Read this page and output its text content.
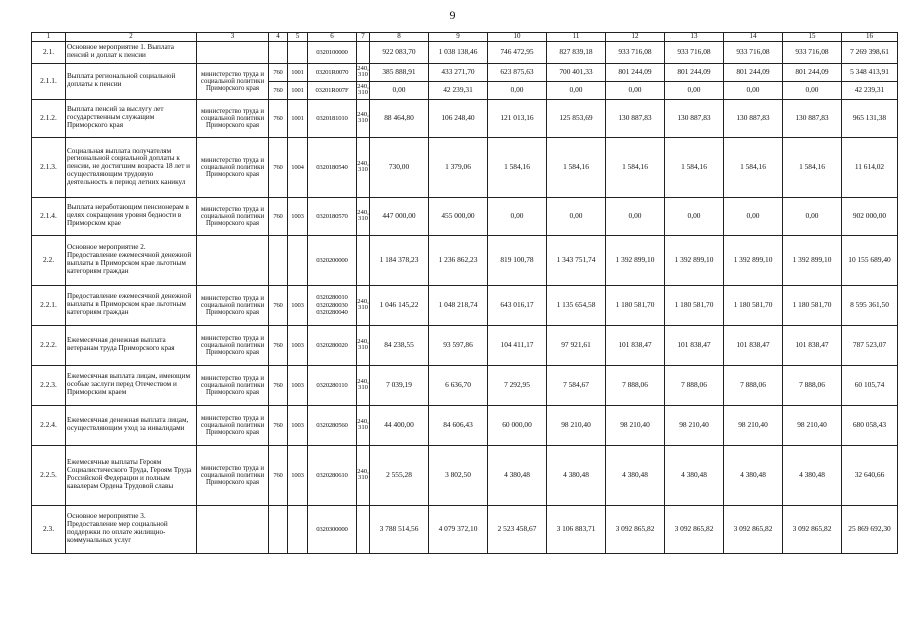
9
1	2	3	4	5	6	7	8	9	10	11	12	13	14	15	16
2.1.	Основное мероприятие 1. Выплата пенсий и доплат к пенсии				0320100000		922 083,70	1 038 138,46	746 472,95	827 839,18	933 716,08	933 716,08	933 716,08	933 716,08	7 269 398,61
2.1.1.	Выплата региональной социальной доплаты к пенсии	министерство труда и социальной политики Приморского края	760	1001	03201R0070	240, 310	385 888,91	433 271,70	623 875,63	700 401,33	801 244,09	801 244,09	801 244,09	801 244,09	5 348 413,91
			760	1001	03201R007F	240, 310	0,00	42 239,31	0,00	0,00	0,00	0,00	0,00	0,00	42 239,31
2.1.2.	Выплата пенсий за выслугу лет государственным служащим Приморского края	министерство труда и социальной политики Приморского края	760	1001	0320181010	240, 310	88 464,80	106 248,40	121 013,16	125 853,69	130 887,83	130 887,83	130 887,83	130 887,83	965 131,38
2.1.3.	Социальная выплата получателям региональной социальной доплаты к пенсии, не достигшим возраста 18 лет и осуществляющим трудовую деятельность в период летних каникул	министерство труда и социальной политики Приморского края	760	1004	0320180540	240, 310	730,00	1 379,06	1 584,16	1 584,16	1 584,16	1 584,16	1 584,16	1 584,16	11 614,02
2.1.4.	Выплата неработающим пенсионерам в целях сокращения уровня бедности в Приморском крае	министерство труда и социальной политики Приморского края	760	1003	0320180570	240, 310	447 000,00	455 000,00	0,00	0,00	0,00	0,00	0,00	0,00	902 000,00
2.2.	Основное мероприятие 2. Предоставление ежемесячной денежной выплаты в Приморском крае льготным категориям граждан				0320200000		1 184 378,23	1 236 862,23	819 100,78	1 343 751,74	1 392 899,10	1 392 899,10	1 392 899,10	1 392 899,10	10 155 689,40
2.2.1.	Предоставление ежемесячной денежной выплаты в Приморском крае льготным категориям граждан	министерство труда и социальной политики Приморского края	760	1003	0320280010 0320280030 0320280040	240, 310	1 046 145,22	1 048 218,74	643 016,17	1 135 654,58	1 180 581,70	1 180 581,70	1 180 581,70	1 180 581,70	8 595 361,50
2.2.2.	Ежемесячная денежная выплата ветеранам труда Приморского края	министерство труда и социальной политики Приморского края	760	1003	0320280020	240, 310	84 238,55	93 597,86	104 411,17	97 921,61	101 838,47	101 838,47	101 838,47	101 838,47	787 523,07
2.2.3.	Ежемесячная выплата лицам, имеющим особые заслуги перед Отечеством и Приморским краем	министерство труда и социальной политики Приморского края	760	1003	0320280110	240, 310	7 039,19	6 636,70	7 292,95	7 584,67	7 888,06	7 888,06	7 888,06	7 888,06	60 105,74
2.2.4.	Ежемесячная денежная выплата лицам, осуществляющим уход за инвалидами	министерство труда и социальной политики Приморского края	760	1003	0320280560	240, 310	44 400,00	84 606,43	60 000,00	98 210,40	98 210,40	98 210,40	98 210,40	98 210,40	680 058,43
2.2.5.	Ежемесячные выплаты Героям Социалистического Труда, Героям Труда Российской Федерации и полным кавалерам Ордена Трудовой славы	министерство труда и социальной политики Приморского края	760	1003	0320280610	240, 310	2 555,28	3 802,50	4 380,48	4 380,48	4 380,48	4 380,48	4 380,48	4 380,48	32 640,66
2.3.	Основное мероприятие 3. Предоставление мер социальной поддержки по оплате жилищно-коммунальных услуг				0320300000		3 788 514,56	4 079 372,10	2 523 458,67	3 106 883,71	3 092 865,82	3 092 865,82	3 092 865,82	3 092 865,82	25 869 692,30
